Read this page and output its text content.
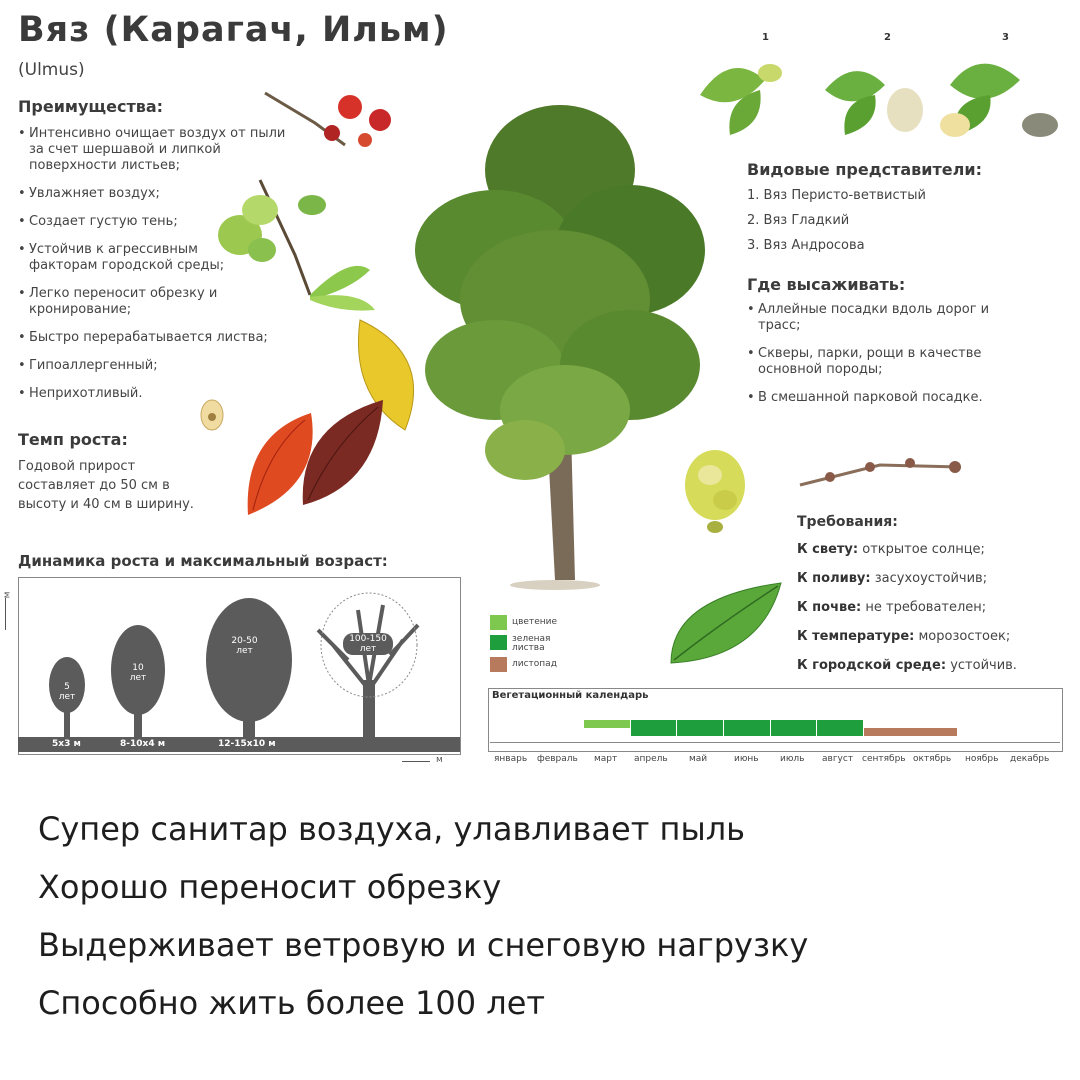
Вяз (Карагач, Ильм)
(Ulmus)
Преимущества:
• Интенсивно очищает воздух от пыли за счет шершавой и липкой поверхности листьев;
• Увлажняет воздух;
• Создает густую тень;
• Устойчив к агрессивным факторам городской среды;
• Легко переносит обрезку и кронирование;
• Быстро перерабатывается листва;
• Гипоаллергенный;
• Неприхотливый.
Темп роста:
Годовой прирост составляет до 50 см в высоту и 40 см в ширину.
Динамика роста и максимальный возраст:
м
5 лет
10 лет
20-50 лет
100-150 лет
5x3 м	8-10x4 м	12-15x10 м
м
1	2	3
Видовые представители:
1. Вяз Перисто-ветвистый
2. Вяз Гладкий
3. Вяз Андросова
Где высаживать:
• Аллейные посадки вдоль дорог и трасс;
• Скверы, парки, рощи в качестве основной породы;
• В смешанной парковой посадке.
Требования:
К свету: открытое солнце;
К поливу: засухоустойчив;
К почве: не требователен;
К температуре: морозостоек;
К городской среде: устойчив.
цветение
зеленая листва
листопад
Вегетационный календарь
январь февраль март апрель май	июнь июль август сентябрь октябрь ноябрь декабрь
Супер санитар воздуха, улавливает пыль
Хорошо переносит обрезку
Выдерживает ветровую и снеговую нагрузку
Способно жить более 100 лет
